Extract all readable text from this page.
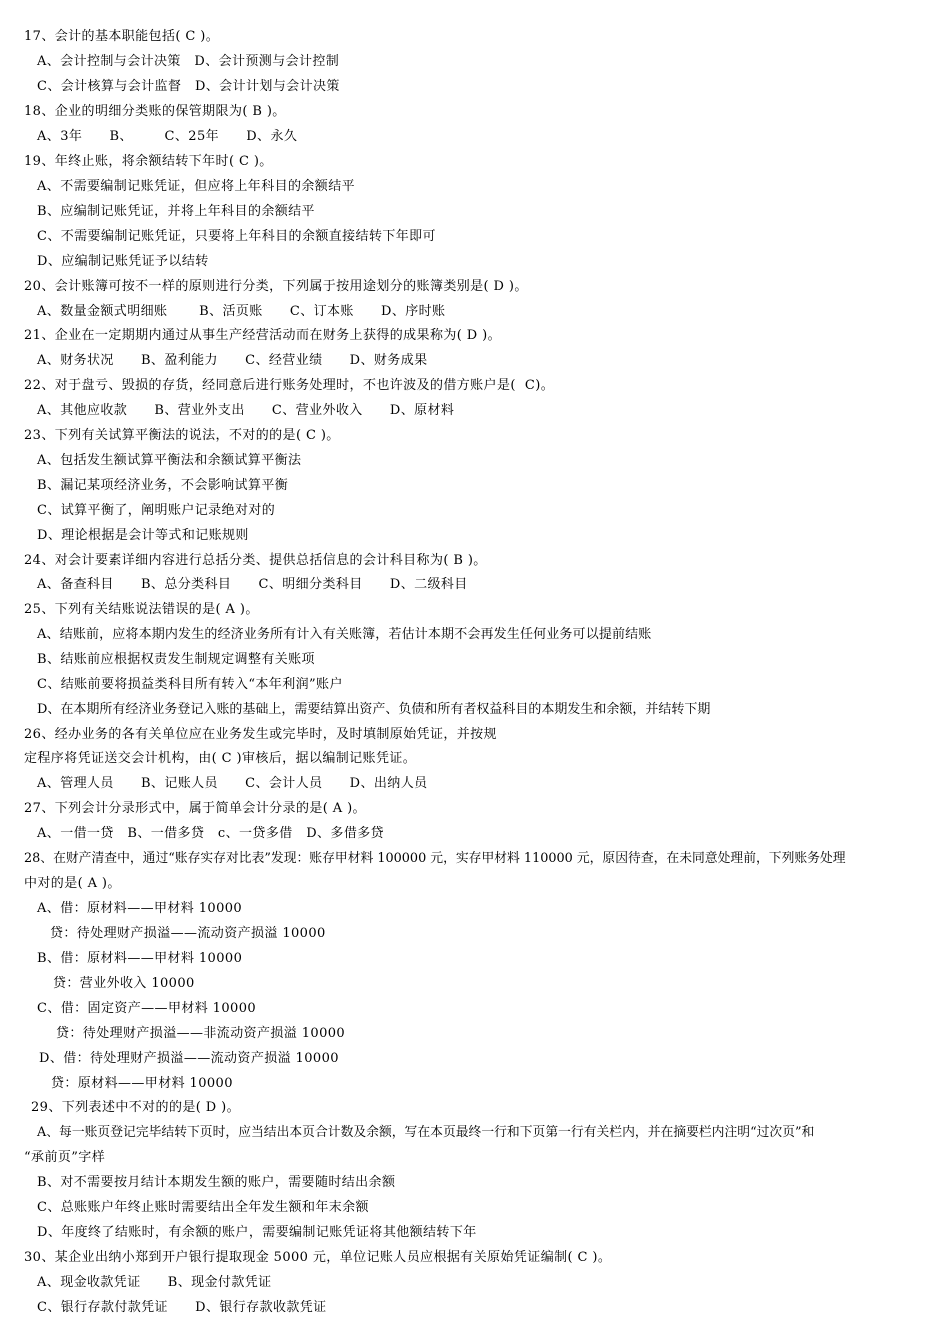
17、会计的基本职能包括( C )。
A、会计控制与会计决策   D、会计预测与会计控制
C、会计核算与会计监督   D、会计计划与会计决策
18、企业的明细分类账的保管期限为( B )。
A、3年      B、       C、25年      D、永久
19、年终止账，将余额结转下年时( C )。
A、不需要编制记账凭证，但应将上年科目的余额结平
B、应编制记账凭证，并将上年科目的余额结平
C、不需要编制记账凭证，只要将上年科目的余额直接结转下年即可
D、应编制记账凭证予以结转
20、会计账簿可按不一样的原则进行分类，下列属于按用途划分的账簿类别是( D )。
A、数量金额式明细账       B、活页账      C、订本账      D、序时账
21、企业在一定期期内通过从事生产经营活动而在财务上获得的成果称为( D )。
A、财务状况      B、盈利能力      C、经营业绩      D、财务成果
22、对于盘亏、毁损的存货，经同意后进行账务处理时，不也许波及的借方账户是(  C)。
A、其他应收款      B、营业外支出      C、营业外收入      D、原材料
23、下列有关试算平衡法的说法，不对的的是( C )。
A、包括发生额试算平衡法和余额试算平衡法
B、漏记某项经济业务，不会影响试算平衡
C、试算平衡了，阐明账户记录绝对对的
D、理论根据是会计等式和记账规则
24、对会计要素详细内容进行总括分类、提供总括信息的会计科目称为( B )。
A、备查科目      B、总分类科目      C、明细分类科目      D、二级科目
25、下列有关结账说法错误的是( A )。
A、结账前，应将本期内发生的经济业务所有计入有关账簿，若估计本期不会再发生任何业务可以提前结账
B、结账前应根据权责发生制规定调整有关账项
C、结账前要将损益类科目所有转入“本年利润”账户
D、在本期所有经济业务登记入账的基础上，需要结算出资产、负债和所有者权益科目的本期发生和余额，并结转下期
26、经办业务的各有关单位应在业务发生或完毕时，及时填制原始凭证，并按规
定程序将凭证送交会计机构，由( C )审核后，据以编制记账凭证。
A、管理人员      B、记账人员      C、会计人员      D、出纳人员
27、下列会计分录形式中，属于简单会计分录的是( A )。
A、一借一贷   B、一借多贷   c、一贷多借   D、多借多贷
28、在财产清查中，通过“账存实存对比表”发现：账存甲材料 100000 元，实存甲材料 110000 元，原因待查，在未同意处理前，下列账务处理
中对的是( A )。
A、借：原材料——甲材料 10000
贷：待处理财产损溢——流动资产损溢 10000
B、借：原材料——甲材料 10000
贷：营业外收入 10000
C、借：固定资产——甲材料 10000
贷：待处理财产损溢——非流动资产损溢 10000
D、借：待处理财产损溢——流动资产损溢 10000
贷：原材料——甲材料 10000
29、下列表述中不对的的是( D )。
A、每一账页登记完毕结转下页时，应当结出本页合计数及余额，写在本页最终一行和下页第一行有关栏内，并在摘要栏内注明“过次页”和
“承前页”字样
B、对不需要按月结计本期发生额的账户，需要随时结出余额
C、总账账户年终止账时需要结出全年发生额和年末余额
D、年度终了结账时，有余额的账户，需要编制记账凭证将其他额结转下年
30、某企业出纳小郑到开户银行提取现金 5000 元，单位记账人员应根据有关原始凭证编制( C )。
A、现金收款凭证      B、现金付款凭证
C、银行存款付款凭证      D、银行存款收款凭证
